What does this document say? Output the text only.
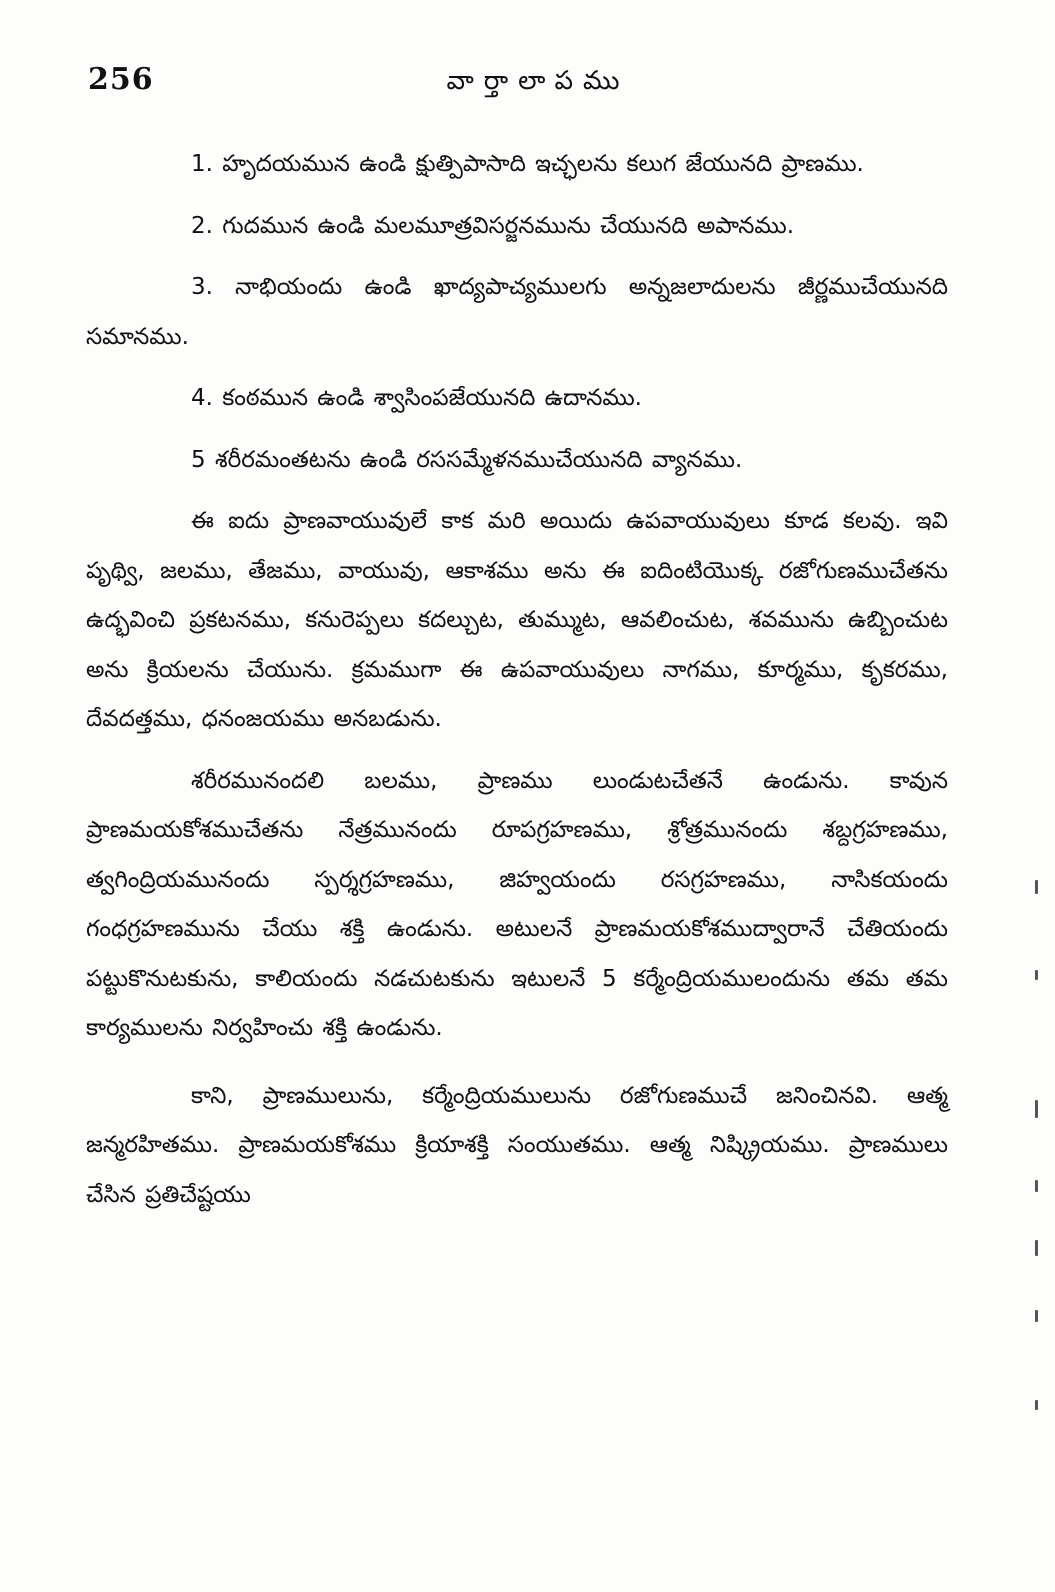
256	వార్తాలాపము

1. హృదయమున ఉండి క్షుత్పిపాసాది ఇచ్ఛలను కలుగ జేయునది ప్రాణము.

2. గుదమున ఉండి మలమూత్రవిసర్జనమును చేయునది అపానము.

3. నాభియందు ఉండి ఖాద్యపాచ్యములగు అన్నజలాదులను జీర్ణముచేయునది సమానము.

4. కంఠమున ఉండి శ్వాసింపజేయునది ఉదానము.

5 శరీరమంతటను ఉండి రససమ్మేళనముచేయునది వ్యానము.

ఈ ఐదు ప్రాణవాయువులే కాక మరి అయిదు ఉపవాయువులు కూడ కలవు. ఇవి పృథ్వి, జలము, తేజము, వాయువు, ఆకాశము అను ఈ ఐదింటియొక్క రజోగుణముచేతను ఉద్భవించి ప్రకటనము, కనురెప్పలు కదల్చుట, తుమ్ముట, ఆవలించుట, శవమును ఉబ్బించుట అను క్రియలను చేయును. క్రమముగా ఈ ఉపవాయువులు నాగము, కూర్మము, కృకరము, దేవదత్తము, ధనంజయము అనబడును.

శరీరమునందలి బలము, ప్రాణము లుండుటచేతనే ఉండును. కావున ప్రాణమయకోశముచేతను నేత్రమునందు రూపగ్రహణము, శ్రోత్రమునందు శబ్దగ్రహణము, త్వగింద్రియమునందు స్పర్శగ్రహణము, జిహ్వయందు రసగ్రహణము, నాసికయందు గంధగ్రహణమును చేయు శక్తి ఉండును. అటులనే ప్రాణమయకోశముద్వారానే చేతియందు పట్టుకొనుటకును, కాలియందు నడచుటకును ఇటులనే 5 కర్మేంద్రియములందును తమ తమ కార్యములను నిర్వహించు శక్తి ఉండును.

కాని, ప్రాణములును, కర్మేంద్రియములును రజోగుణముచే జనించినవి. ఆత్మ జన్మరహితము. ప్రాణమయకోశము క్రియాశక్తి సంయుతము. ఆత్మ నిష్క్రియము. ప్రాణములు చేసిన ప్రతిచేష్టయు
